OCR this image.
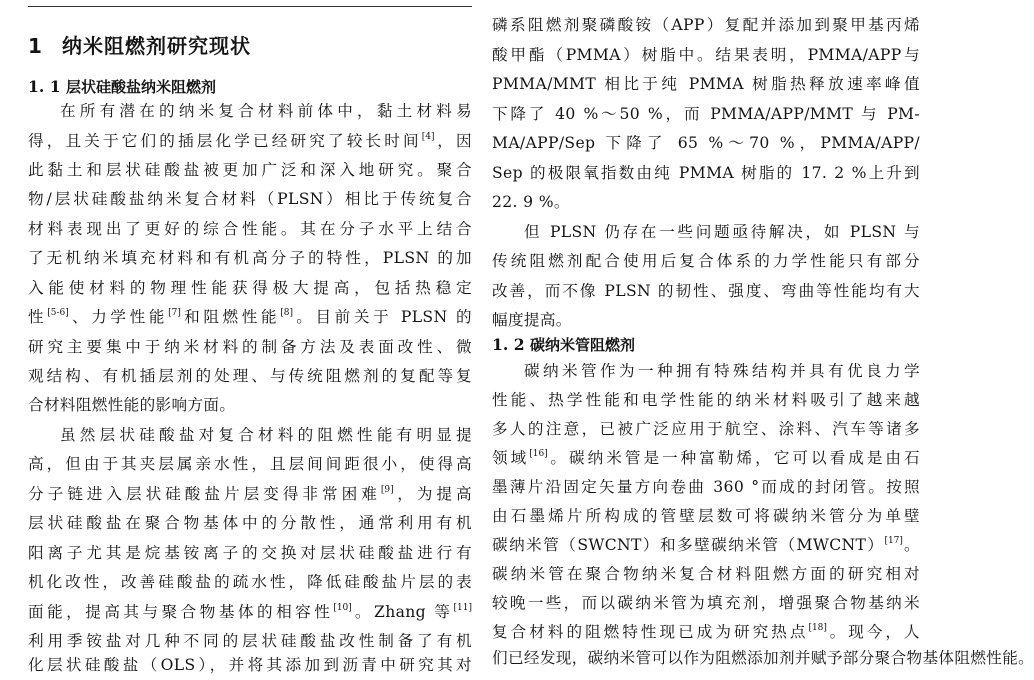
1 纳米阻燃剂研究现状
1. 1 层状硅酸盐纳米阻燃剂
在所有潜在的纳米复合材料前体中，黏土材料易
得，且关于它们的插层化学已经研究了较长时间[4]，因
此黏土和层状硅酸盐被更加广泛和深入地研究。聚合
物/层状硅酸盐纳米复合材料（PLSN）相比于传统复合
材料表现出了更好的综合性能。其在分子水平上结合
了无机纳米填充材料和有机高分子的特性，PLSN 的加
入能使材料的物理性能获得极大提高，包括热稳定
性[5-6]、力学性能[7]和阻燃性能[8]。目前关于 PLSN 的
研究主要集中于纳米材料的制备方法及表面改性、微
观结构、有机插层剂的处理、与传统阻燃剂的复配等复
合材料阻燃性能的影响方面。
虽然层状硅酸盐对复合材料的阻燃性能有明显提
高，但由于其夹层属亲水性，且层间间距很小，使得高
分子链进入层状硅酸盐片层变得非常困难[9]，为提高
层状硅酸盐在聚合物基体中的分散性，通常利用有机
阳离子尤其是烷基铵离子的交换对层状硅酸盐进行有
机化改性，改善硅酸盐的疏水性，降低硅酸盐片层的表
面能，提高其与聚合物基体的相容性[10]。Zhang 等[11]
利用季铵盐对几种不同的层状硅酸盐改性制备了有机
化层状硅酸盐（OLS），并将其添加到沥青中研究其对
磷系阻燃剂聚磷酸铵（APP）复配并添加到聚甲基丙烯
酸甲酯（PMMA）树脂中。结果表明，PMMA/APP与
PMMA/MMT 相比于纯 PMMA 树脂热释放速率峰值
下降了 40 %～50 %，而 PMMA/APP/MMT 与 PM-
MA/APP/Sep 下降了 65 %～70 %，PMMA/APP/
Sep 的极限氧指数由纯 PMMA 树脂的 17. 2 %上升到
22. 9 %。
但 PLSN 仍存在一些问题亟待解决，如 PLSN 与
传统阻燃剂配合使用后复合体系的力学性能只有部分
改善，而不像 PLSN 的韧性、强度、弯曲等性能均有大
幅度提高。
1. 2 碳纳米管阻燃剂
碳纳米管作为一种拥有特殊结构并具有优良力学
性能、热学性能和电学性能的纳米材料吸引了越来越
多人的注意，已被广泛应用于航空、涂料、汽车等诸多
领域[16]。碳纳米管是一种富勒烯，它可以看成是由石
墨薄片沿固定矢量方向卷曲 360 °而成的封闭管。按照
由石墨烯片所构成的管壁层数可将碳纳米管分为单壁
碳纳米管（SWCNT）和多壁碳纳米管（MWCNT）[17]。
碳纳米管在聚合物纳米复合材料阻燃方面的研究相对
较晚一些，而以碳纳米管为填充剂，增强聚合物基纳米
复合材料的阻燃特性现已成为研究热点[18]。现今，人
们已经发现，碳纳米管可以作为阻燃添加剂并赋予部分聚合物基体阻燃性能。
